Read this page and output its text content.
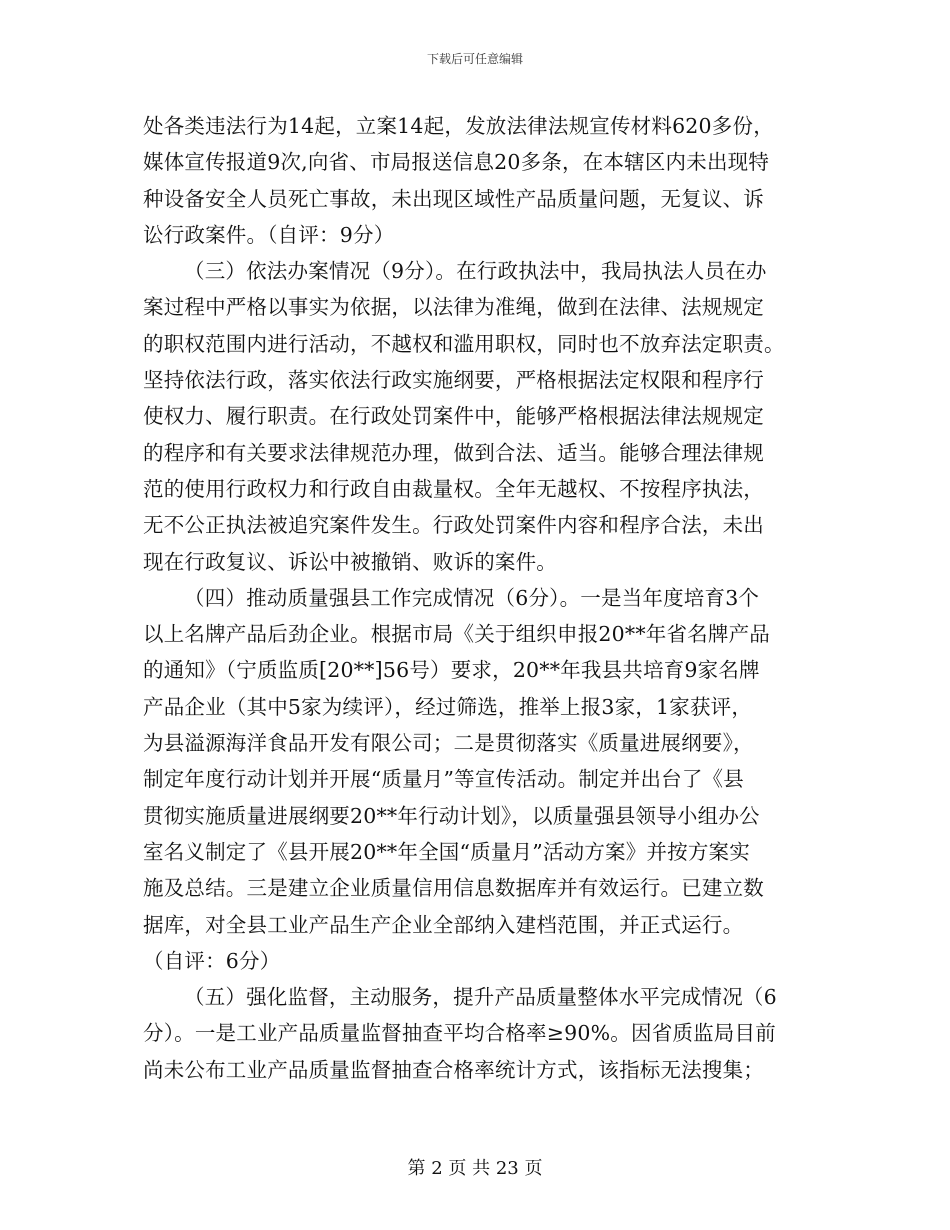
下载后可任意编辑
处各类违法行为14起，立案14起，发放法律法规宣传材料620多份，
媒体宣传报道9次,向省、市局报送信息20多条，在本辖区内未出现特
种设备安全人员死亡事故，未出现区域性产品质量问题，无复议、诉
讼行政案件。（自评：9分）
（三）依法办案情况（9分）。在行政执法中，我局执法人员在办
案过程中严格以事实为依据，以法律为准绳，做到在法律、法规规定
的职权范围内进行活动，不越权和滥用职权，同时也不放弃法定职责。
坚持依法行政，落实依法行政实施纲要，严格根据法定权限和程序行
使权力、履行职责。在行政处罚案件中，能够严格根据法律法规规定
的程序和有关要求法律规范办理，做到合法、适当。能够合理法律规
范的使用行政权力和行政自由裁量权。全年无越权、不按程序执法，
无不公正执法被追究案件发生。行政处罚案件内容和程序合法，未出
现在行政复议、诉讼中被撤销、败诉的案件。
（四）推动质量强县工作完成情况（6分）。一是当年度培育3个
以上名牌产品后劲企业。根据市局《关于组织申报20**年省名牌产品
的通知》（宁质监质[20**]56号）要求，20**年我县共培育9家名牌
产品企业（其中5家为续评），经过筛选，推举上报3家，1家获评，
为县溢源海洋食品开发有限公司；二是贯彻落实《质量进展纲要》，
制定年度行动计划并开展“质量月”等宣传活动。制定并出台了《县
贯彻实施质量进展纲要20**年行动计划》，以质量强县领导小组办公
室名义制定了《县开展20**年全国“质量月”活动方案》并按方案实
施及总结。三是建立企业质量信用信息数据库并有效运行。已建立数
据库，对全县工业产品生产企业全部纳入建档范围，并正式运行。
（自评：6分）
（五）强化监督，主动服务，提升产品质量整体水平完成情况（6
分）。一是工业产品质量监督抽查平均合格率≥90%。因省质监局目前
尚未公布工业产品质量监督抽查合格率统计方式，该指标无法搜集；
第 2 页 共 23 页
